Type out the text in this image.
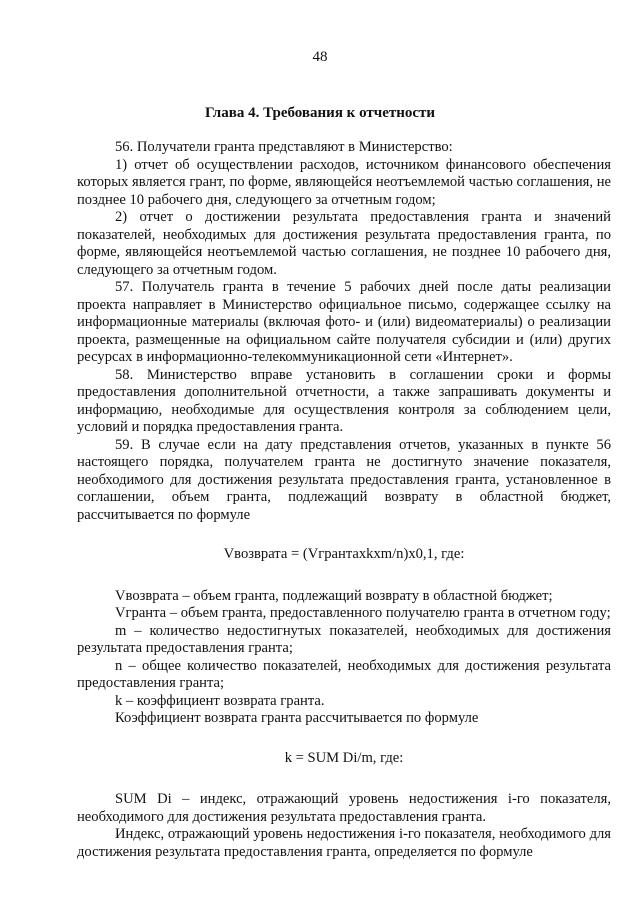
48
Глава 4. Требования к отчетности

56. Получатели гранта представляют в Министерство:

1) отчет об осуществлении расходов, источником финансового обеспечения которых является грант, по форме, являющейся неотъемлемой частью соглашения, не позднее 10 рабочего дня, следующего за отчетным годом;

2) отчет о достижении результата предоставления гранта и значений показателей, необходимых для достижения результата предоставления гранта, по форме, являющейся неотъемлемой частью соглашения, не позднее 10 рабочего дня, следующего за отчетным годом.

57. Получатель гранта в течение 5 рабочих дней после даты реализации проекта направляет в Министерство официальное письмо, содержащее ссылку на информационные материалы (включая фото- и (или) видеоматериалы) о реализации проекта, размещенные на официальном сайте получателя субсидии и (или) других ресурсах в информационно-телекоммуникационной сети «Интернет».

58. Министерство вправе установить в соглашении сроки и формы предоставления дополнительной отчетности, а также запрашивать документы и информацию, необходимые для осуществления контроля за соблюдением цели, условий и порядка предоставления гранта.

59. В случае если на дату представления отчетов, указанных в пункте 56 настоящего порядка, получателем гранта не достигнуто значение показателя, необходимого для достижения результата предоставления гранта, установленное в соглашении, объем гранта, подлежащий возврату в областной бюджет, рассчитывается по формуле

Vвозврата = (Vгрантаxkxm/n)x0,1, где:

Vвозврата – объем гранта, подлежащий возврату в областной бюджет;

Vгранта – объем гранта, предоставленного получателю гранта в отчетном году;

m – количество недостигнутых показателей, необходимых для достижения результата предоставления гранта;

n – общее количество показателей, необходимых для достижения результата предоставления гранта;

k – коэффициент возврата гранта.

Коэффициент возврата гранта рассчитывается по формуле

k = SUM Di/m, где:

SUM Di – индекс, отражающий уровень недостижения i-го показателя, необходимого для достижения результата предоставления гранта.

Индекс, отражающий уровень недостижения i-го показателя, необходимого для достижения результата предоставления гранта, определяется по формуле
